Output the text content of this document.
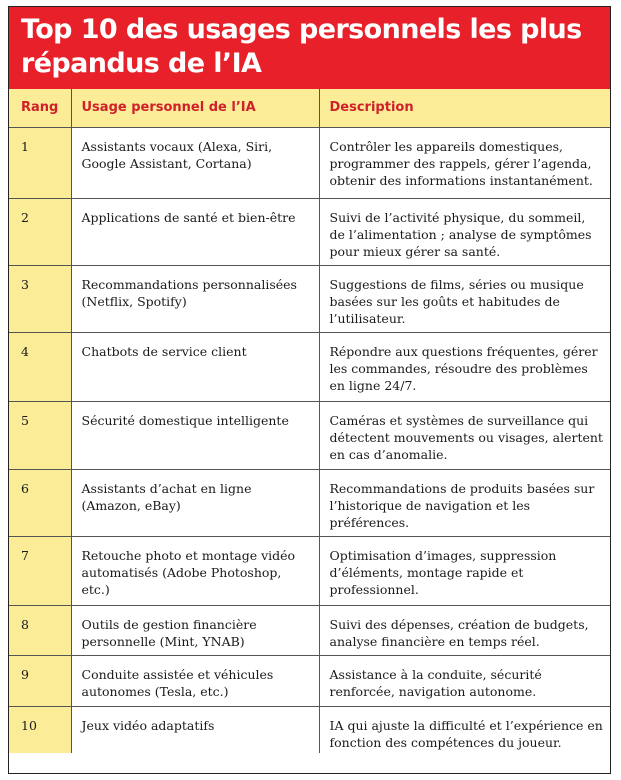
Top 10 des usages personnels les plus répandus de l’IA
Rang	Usage personnel de l’IA	Description
1	Assistants vocaux (Alexa, Siri, Google Assistant, Cortana)	Contrôler les appareils domestiques, programmer des rappels, gérer l’agenda, obtenir des informations instantanément.
2	Applications de santé et bien-être	Suivi de l’activité physique, du sommeil, de l’alimentation ; analyse de symptômes pour mieux gérer sa santé.
3	Recommandations personnalisées (Netflix, Spotify)	Suggestions de films, séries ou musique basées sur les goûts et habitudes de l’utilisateur.
4	Chatbots de service client	Répondre aux questions fréquentes, gérer les commandes, résoudre des problèmes en ligne 24/7.
5	Sécurité domestique intelligente	Caméras et systèmes de surveillance qui détectent mouvements ou visages, alertent en cas d’anomalie.
6	Assistants d’achat en ligne (Amazon, eBay)	Recommandations de produits basées sur l’historique de navigation et les préférences.
7	Retouche photo et montage vidéo automatisés (Adobe Photoshop, etc.)	Optimisation d’images, suppression d’éléments, montage rapide et professionnel.
8	Outils de gestion financière personnelle (Mint, YNAB)	Suivi des dépenses, création de budgets, analyse financière en temps réel.
9	Conduite assistée et véhicules autonomes (Tesla, etc.)	Assistance à la conduite, sécurité renforcée, navigation autonome.
10	Jeux vidéo adaptatifs	IA qui ajuste la difficulté et l’expérience en fonction des compétences du joueur.
